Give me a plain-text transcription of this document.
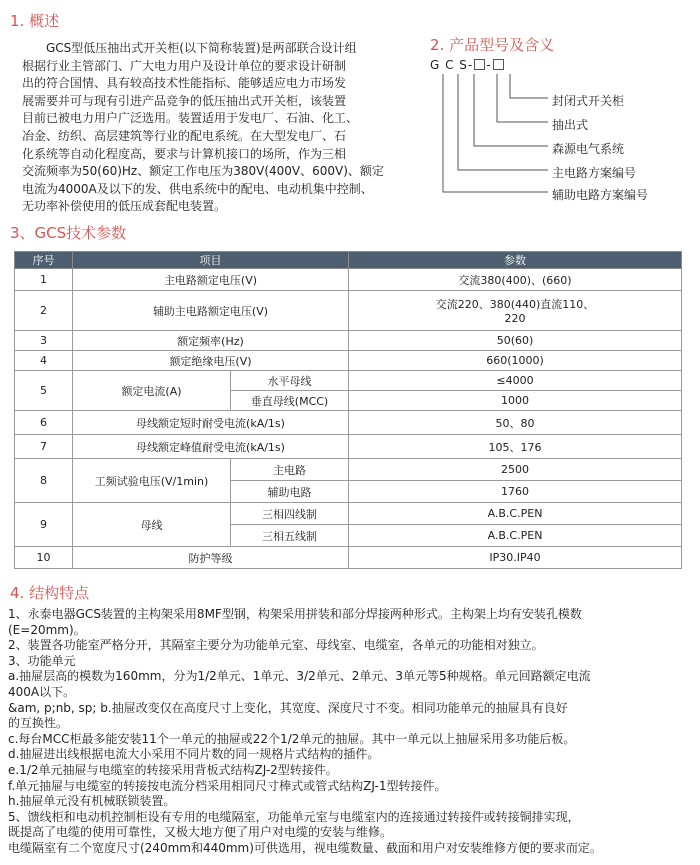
1. 概述

GCS型低压抽出式开关柜(以下简称装置)是两部联合设计组

根据行业主管部门、广大电力用户及设计单位的要求设计研制

出的符合国情、具有较高技术性能指标、能够适应电力市场发

展需要并可与现有引进产品竞争的低压抽出式开关柜，该装置

目前已被电力用户广泛选用。装置适用于发电厂、石油、化工、

冶金、纺织、高层建筑等行业的配电系统。在大型发电厂、石

化系统等自动化程度高，要求与计算机接口的场所，作为三相

交流频率为50(60)Hz、额定工作电压为380V(400V、600V)、额定

电流为4000A及以下的发、供电系统中的配电、电动机集中控制、

无功率补偿使用的低压成套配电装置。

2. 产品型号及含义
G C S- -
封闭式开关柜
抽出式
森源电气系统
主电路方案编号
辅助电路方案编号
3、GCS技术参数
序号	项目		参数
1	主电路额定电压(V)		交流380(400)、(660)
2	辅助主电路额定电压(V)		交流220、380(440)直流110、
220

3	额定频率(Hz)		50(60)
4	额定绝缘电压(V)		660(1000)
5	额定电流(A)	水平母线	≤4000
		垂直母线(MCC)	1000
6	母线额定短时耐受电流(kA/1s)		50、80
7	母线额定峰值耐受电流(kA/1s)		105、176
8	工频试验电压(V/1min)	主电路	2500
		辅助电路	1760
9	母线	三相四线制	A.B.C.PEN
		三相五线制	A.B.C.PEN
10	防护等级		IP30.IP40
4. 结构特点

1、永泰电器GCS装置的主构架采用8MF型钢，构架采用拼装和部分焊接两种形式。主构架上均有安装孔模数

(E=20mm)。

2、装置各功能室严格分开，其隔室主要分为功能单元室、母线室、电缆室，各单元的功能相对独立。

3、功能单元

a.抽屉层高的模数为160mm，分为1/2单元、1单元、3/2单元、2单元、3单元等5种规格。单元回路额定电流

400A以下。

&am, p;nb, sp; b.抽屉改变仅在高度尺寸上变化，其宽度、深度尺寸不变。相同功能单元的抽屉具有良好

的互换性。

c.每台MCC柜最多能安装11个一单元的抽屉或22个1/2单元的抽屉。其中一单元以上抽屉采用多功能后板。

d.抽屉进出线根据电流大小采用不同片数的同一规格片式结构的插件。

e.1/2单元抽屉与电缆室的转接采用背板式结构ZJ-2型转接件。

f.单元抽屉与电缆室的转接按电流分档采用相同尺寸棒式或管式结构ZJ-1型转接件。

h.抽屉单元没有机械联锁装置。

5、馈线柜和电动机控制柜设有专用的电缆隔室，功能单元室与电缆室内的连接通过转接件或转接铜排实现，

既提高了电缆的使用可靠性，又极大地方便了用户对电缆的安装与维修。

电缆隔室有二个宽度尺寸(240mm和440mm)可供选用，视电缆数量、截面和用户对安装维修方便的要求而定。
